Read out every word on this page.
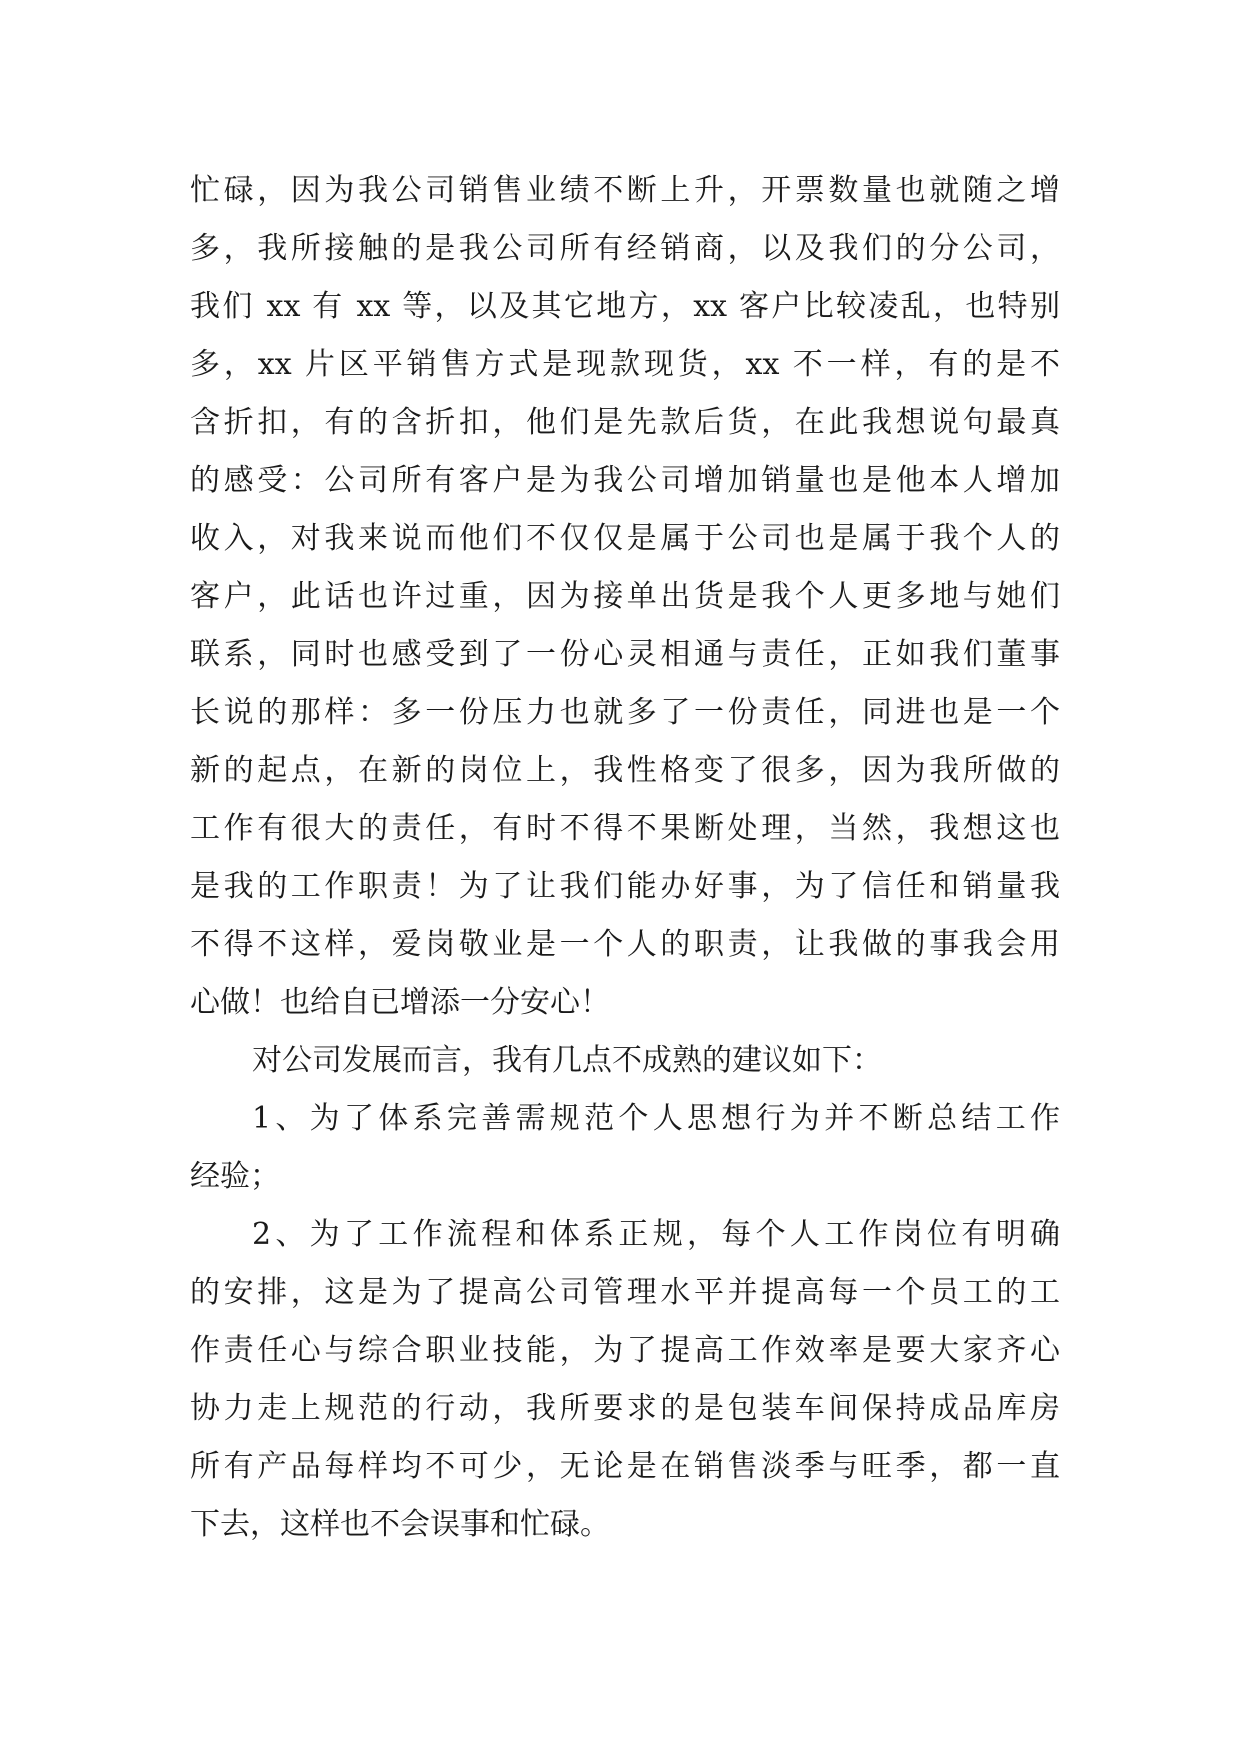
忙碌，因为我公司销售业绩不断上升，开票数量也就随之增
多，我所接触的是我公司所有经销商，以及我们的分公司，
我们 xx 有 xx 等，以及其它地方，xx 客户比较凌乱，也特别
多，xx 片区平销售方式是现款现货，xx 不一样，有的是不
含折扣，有的含折扣，他们是先款后货，在此我想说句最真
的感受：公司所有客户是为我公司增加销量也是他本人增加
收入，对我来说而他们不仅仅是属于公司也是属于我个人的
客户，此话也许过重，因为接单出货是我个人更多地与她们
联系，同时也感受到了一份心灵相通与责任，正如我们董事
长说的那样：多一份压力也就多了一份责任，同进也是一个
新的起点，在新的岗位上，我性格变了很多，因为我所做的
工作有很大的责任，有时不得不果断处理，当然，我想这也
是我的工作职责！为了让我们能办好事，为了信任和销量我
不得不这样，爱岗敬业是一个人的职责，让我做的事我会用
心做！也给自已增添一分安心！
对公司发展而言，我有几点不成熟的建议如下：
1、为了体系完善需规范个人思想行为并不断总结工作
经验；
2、为了工作流程和体系正规，每个人工作岗位有明确
的安排，这是为了提高公司管理水平并提高每一个员工的工
作责任心与综合职业技能，为了提高工作效率是要大家齐心
协力走上规范的行动，我所要求的是包装车间保持成品库房
所有产品每样均不可少，无论是在销售淡季与旺季，都一直
下去，这样也不会误事和忙碌。
